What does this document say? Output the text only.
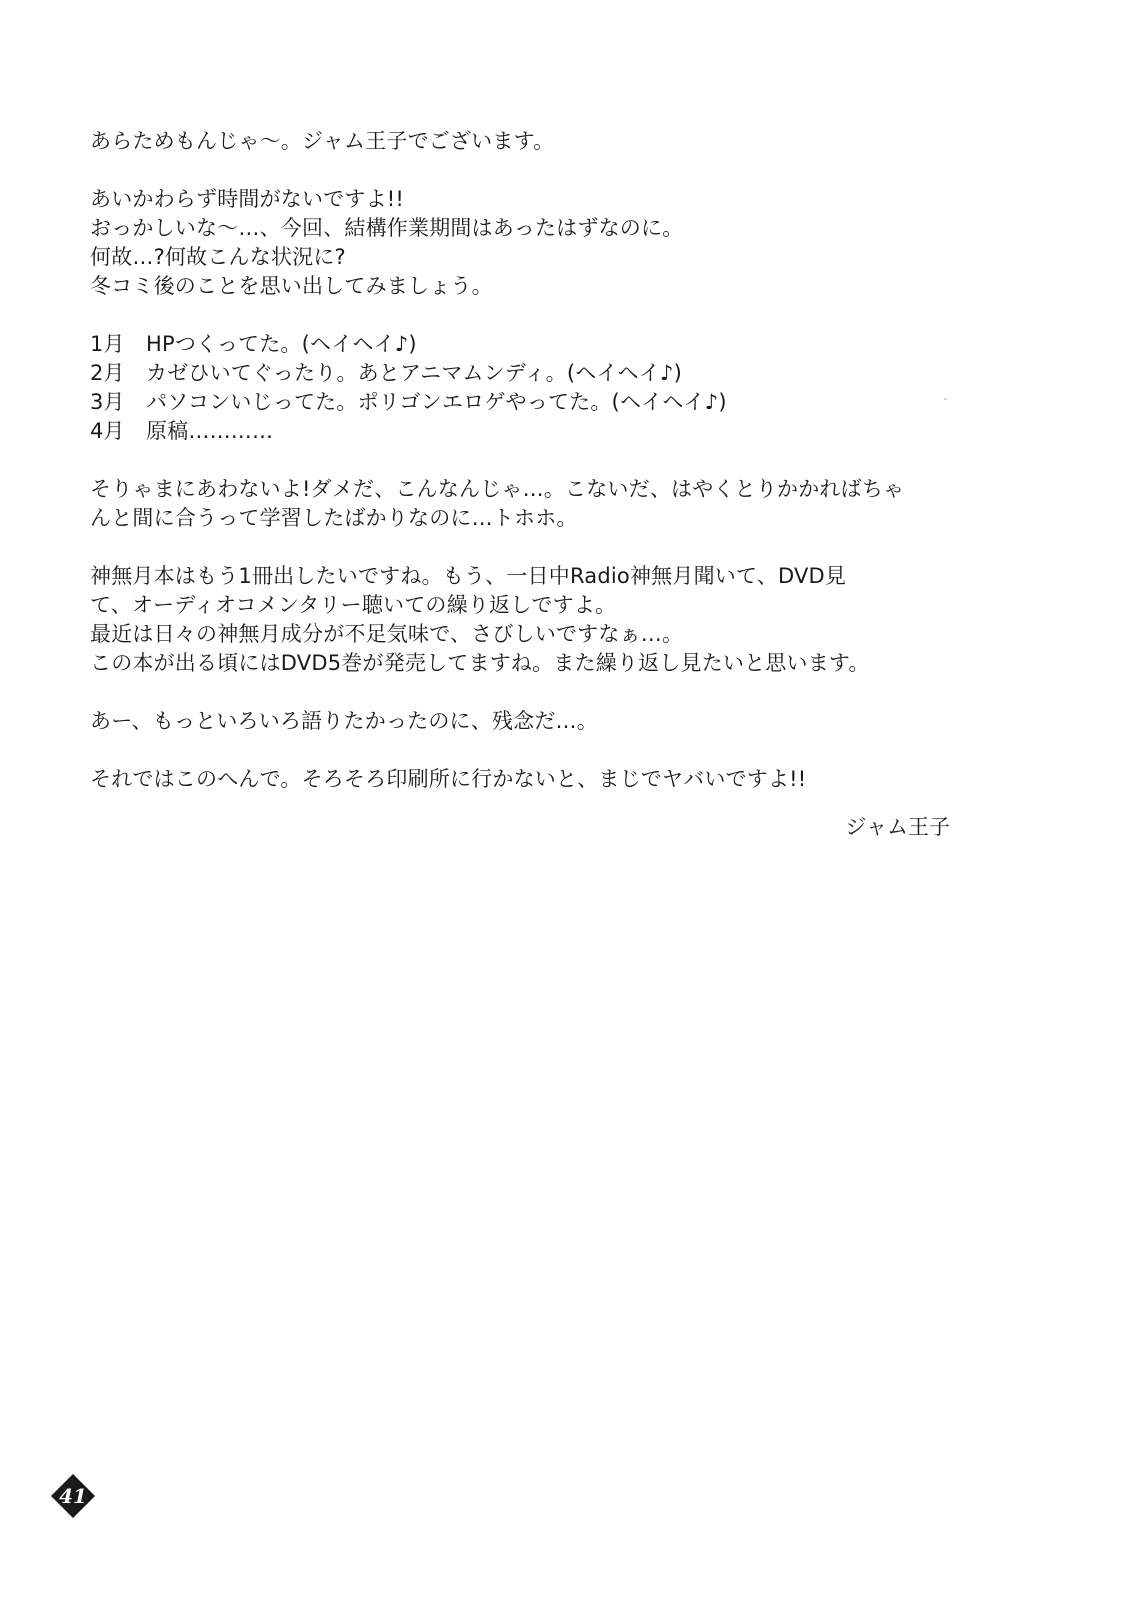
あらためもんじゃ〜。ジャム王子でございます。

あいかわらず時間がないですよ!!
おっかしいな〜…、今回、結構作業期間はあったはずなのに。
何故…?何故こんな状況に?
冬コミ後のことを思い出してみましょう。

1月 HPつくってた。(ヘイヘイ♪)
2月 カゼひいてぐったり。あとアニマムンディ。(ヘイヘイ♪)
3月 パソコンいじってた。ポリゴンエロゲやってた。(ヘイヘイ♪)
4月 原稿…………

そりゃまにあわないよ!ダメだ、こんなんじゃ…。こないだ、はやくとりかかればちゃ
んと間に合うって学習したばかりなのに…トホホ。

神無月本はもう1冊出したいですね。もう、一日中Radio神無月聞いて、DVD見
て、オーディオコメンタリー聴いての繰り返しですよ。
最近は日々の神無月成分が不足気味で、さびしいですなぁ…。
この本が出る頃にはDVD5巻が発売してますね。また繰り返し見たいと思います。

あー、もっといろいろ語りたかったのに、残念だ…。

それではこのへんで。そろそろ印刷所に行かないと、まじでヤバいですよ!!

ジャム王子
41
